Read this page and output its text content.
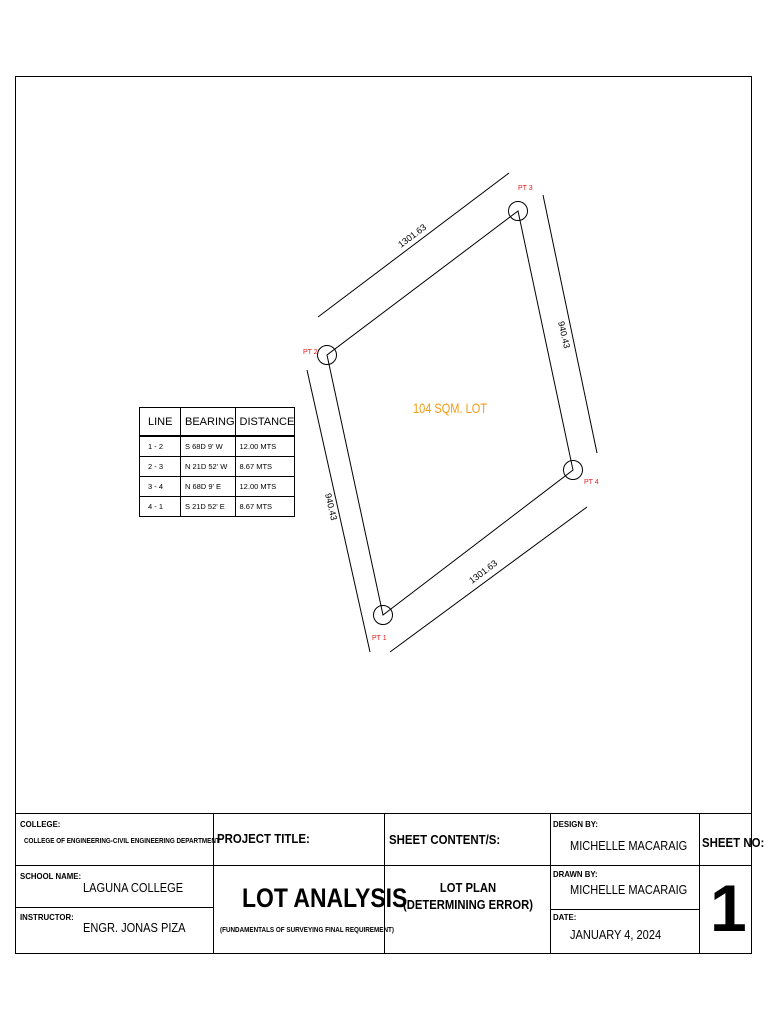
PT 1
PT 2
PT 3
PT 4
1301.63
1301.63
940.43
940.43
104 SQM. LOT
LINE	BEARING	DISTANCE
1 - 2	S 68D 9' W	12.00 MTS
2 - 3	N 21D 52' W	8.67 MTS
3 - 4	N 68D 9' E	12.00 MTS
4 - 1	S 21D 52' E	8.67 MTS
COLLEGE:
COLLEGE OF ENGINEERING-CIVIL ENGINEERING DEPARTMENT
SCHOOL NAME:
LAGUNA COLLEGE
INSTRUCTOR:
ENGR. JONAS PIZA
PROJECT TITLE:
LOT ANALYSIS
(FUNDAMENTALS OF SURVEYING FINAL REQUIREMENT)
SHEET CONTENT/S:
LOT PLAN
(DETERMINING ERROR)
DESIGN BY:
MICHELLE MACARAIG
DRAWN BY:
MICHELLE MACARAIG
DATE:
JANUARY 4, 2024
SHEET NO:
1
